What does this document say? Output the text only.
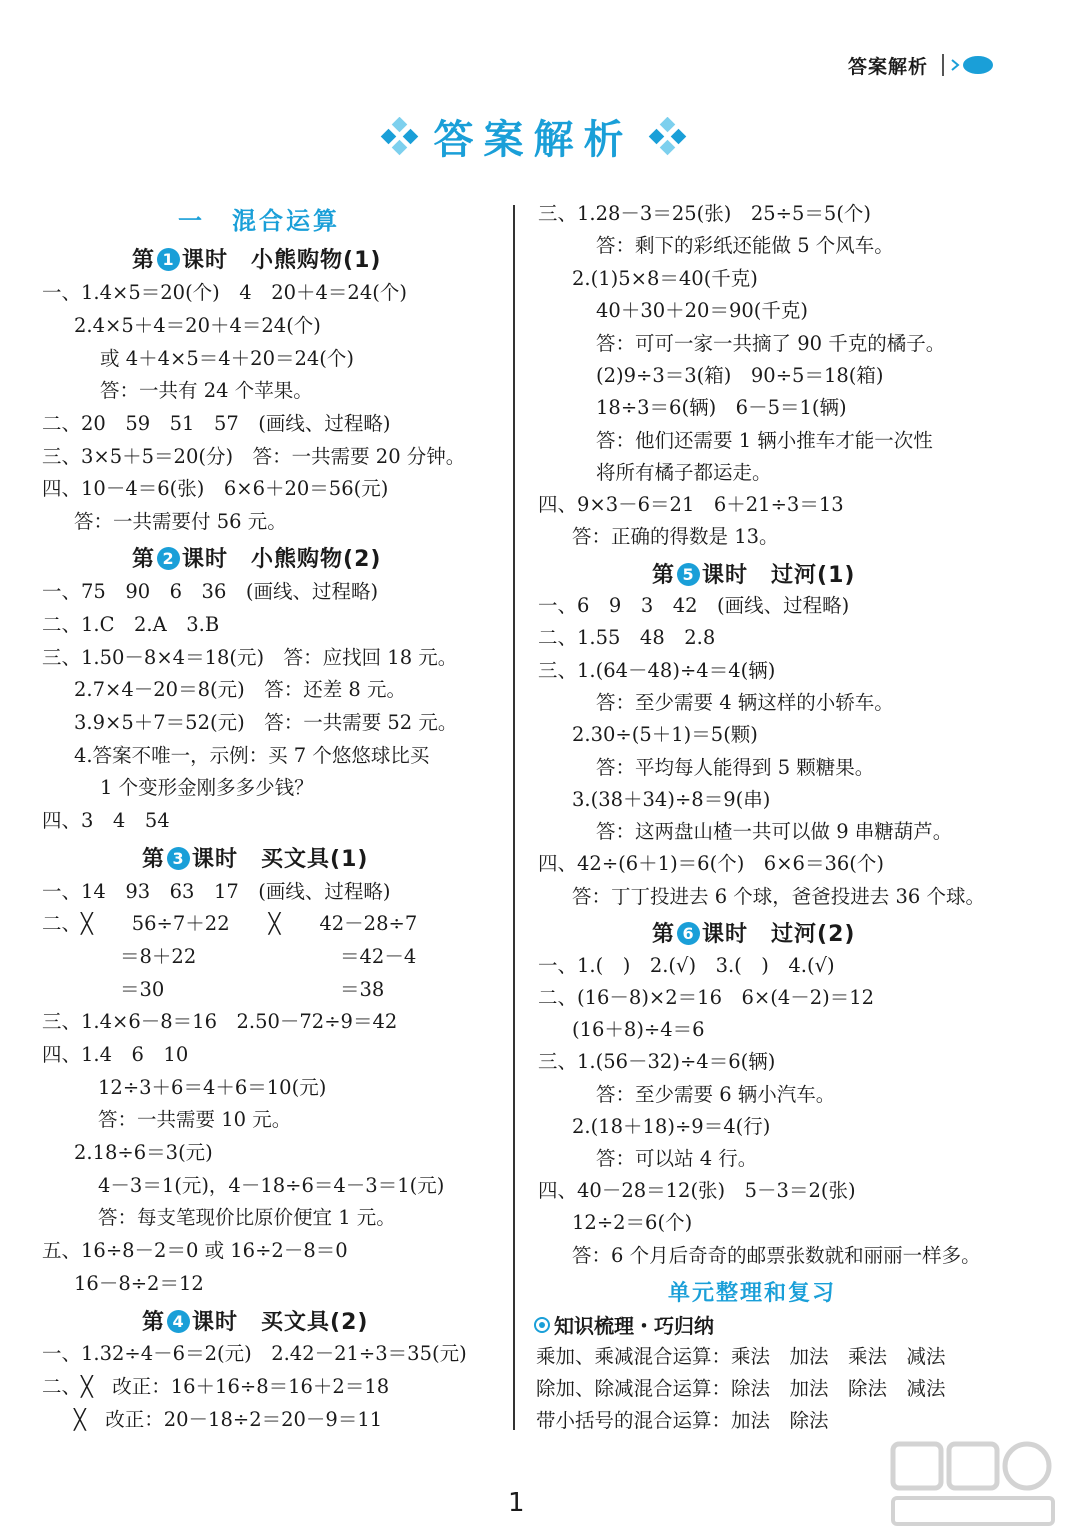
答案解析
答案解析
一　混合运算
第 1 课时　小熊购物(1)
一、1.4×5＝20(个)　4　20＋4＝24(个)
2.4×5＋4＝20＋4＝24(个)
或 4＋4×5＝4＋20＝24(个)
答：一共有 24 个苹果。
二、20　59　51　57　(画线、过程略)
三、3×5＋5＝20(分)　答：一共需要 20 分钟。
四、10－4＝6(张)　6×6＋20＝56(元)
答：一共需要付 56 元。
第 2 课时　小熊购物(2)
一、75　90　6　36　(画线、过程略)
二、1.C　2.A　3.B
三、1.50－8×4＝18(元)　答：应找回 18 元。
2.7×4－20＝8(元)　答：还差 8 元。
3.9×5＋7＝52(元)　答：一共需要 52 元。
4.答案不唯一，示例：买 7 个悠悠球比买
1 个变形金刚多多少钱？
四、3　4　54
第 3 课时　买文具(1)
一、14　93　63　17　(画线、过程略)
二、╳　　56÷7＋22　　╳　　42－28÷7
＝8＋22	＝42－4
＝30	＝38
三、1.4×6－8＝16　2.50－72÷9＝42
四、1.4　6　10
12÷3＋6＝4＋6＝10(元)
答：一共需要 10 元。
2.18÷6＝3(元)
4－3＝1(元)，4－18÷6＝4－3＝1(元)
答：每支笔现价比原价便宜 1 元。
五、16÷8－2＝0 或 16÷2－8＝0
16－8÷2＝12
第 4 课时　买文具(2)
一、1.32÷4－6＝2(元)　2.42－21÷3＝35(元)
二、╳　改正：16＋16÷8＝16＋2＝18
╳　改正：20－18÷2＝20－9＝11
三、1.28－3＝25(张)　25÷5＝5(个)
答：剩下的彩纸还能做 5 个风车。
2.(1)5×8＝40(千克)
40＋30＋20＝90(千克)
答：可可一家一共摘了 90 千克的橘子。
(2)9÷3＝3(箱)　90÷5＝18(箱)
18÷3＝6(辆)　6－5＝1(辆)
答：他们还需要 1 辆小推车才能一次性
将所有橘子都运走。
四、9×3－6＝21　6＋21÷3＝13
答：正确的得数是 13。
第 5 课时　过河(1)
一、6　9　3　42　(画线、过程略)
二、1.55　48　2.8
三、1.(64－48)÷4＝4(辆)
答：至少需要 4 辆这样的小轿车。
2.30÷(5＋1)＝5(颗)
答：平均每人能得到 5 颗糖果。
3.(38＋34)÷8＝9(串)
答：这两盘山楂一共可以做 9 串糖葫芦。
四、42÷(6＋1)＝6(个)　6×6＝36(个)
答：丁丁投进去 6 个球，爸爸投进去 36 个球。
第 6 课时　过河(2)
一、1.(　)　2.(√)　3.(　)　4.(√)
二、(16－8)×2＝16　6×(4－2)＝12
(16＋8)÷4＝6
三、1.(56－32)÷4＝6(辆)
答：至少需要 6 辆小汽车。
2.(18＋18)÷9＝4(行)
答：可以站 4 行。
四、40－28＝12(张)　5－3＝2(张)
12÷2＝6(个)
答：6 个月后奇奇的邮票张数就和丽丽一样多。
单元整理和复习
知识梳理・巧归纳
乘加、乘减混合运算：乘法　加法　乘法　减法
除加、除减混合运算：除法　加法　除法　减法
带小括号的混合运算：加法　除法
1
